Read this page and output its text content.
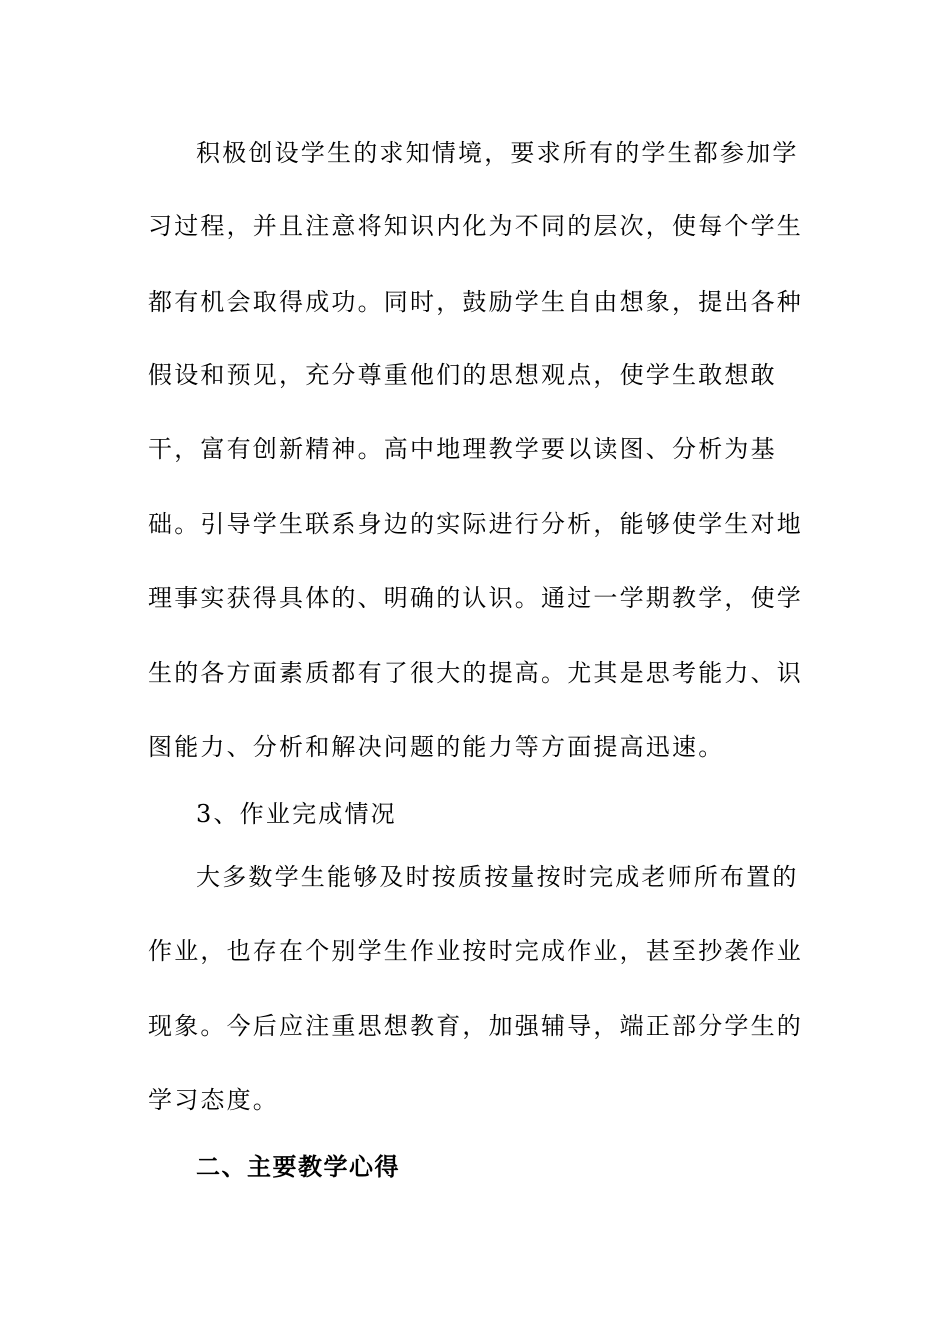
积极创设学生的求知情境，要求所有的学生都参加学
习过程，并且注意将知识内化为不同的层次，使每个学生
都有机会取得成功。同时，鼓励学生自由想象，提出各种
假设和预见，充分尊重他们的思想观点，使学生敢想敢
干，富有创新精神。高中地理教学要以读图、分析为基
础。引导学生联系身边的实际进行分析，能够使学生对地
理事实获得具体的、明确的认识。通过一学期教学，使学
生的各方面素质都有了很大的提高。尤其是思考能力、识
图能力、分析和解决问题的能力等方面提高迅速。
3、作业完成情况
大多数学生能够及时按质按量按时完成老师所布置的
作业，也存在个别学生作业按时完成作业，甚至抄袭作业
现象。今后应注重思想教育，加强辅导，端正部分学生的
学习态度。
二、主要教学心得
